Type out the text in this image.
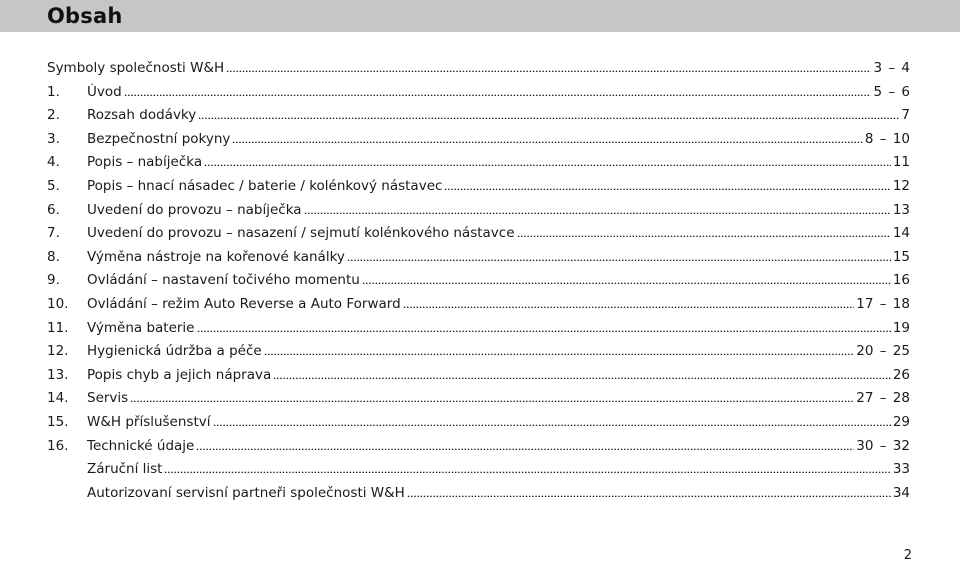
Obsah
Symboly společnosti W&H	3 – 4
1.	Úvod	5 – 6
2.	Rozsah dodávky	7
3.	Bezpečnostní pokyny	8 – 10
4.	Popis – nabíječka	11
5.	Popis – hnací násadec / baterie / kolénkový nástavec	12
6.	Uvedení do provozu – nabíječka	13
7.	Uvedení do provozu – nasazení / sejmutí kolénkového nástavce	14
8.	Výměna nástroje na kořenové kanálky	15
9.	Ovládání – nastavení točivého momentu	16
10.	Ovládání – režim Auto Reverse a Auto Forward	17 – 18
11.	Výměna baterie	19
12.	Hygienická údržba a péče	20 – 25
13.	Popis chyb a jejich náprava	26
14.	Servis	27 – 28
15.	W&H příslušenství	29
16.	Technické údaje	30 – 32
Záruční list	33
Autorizovaní servisní partneři společnosti W&H	34
2
